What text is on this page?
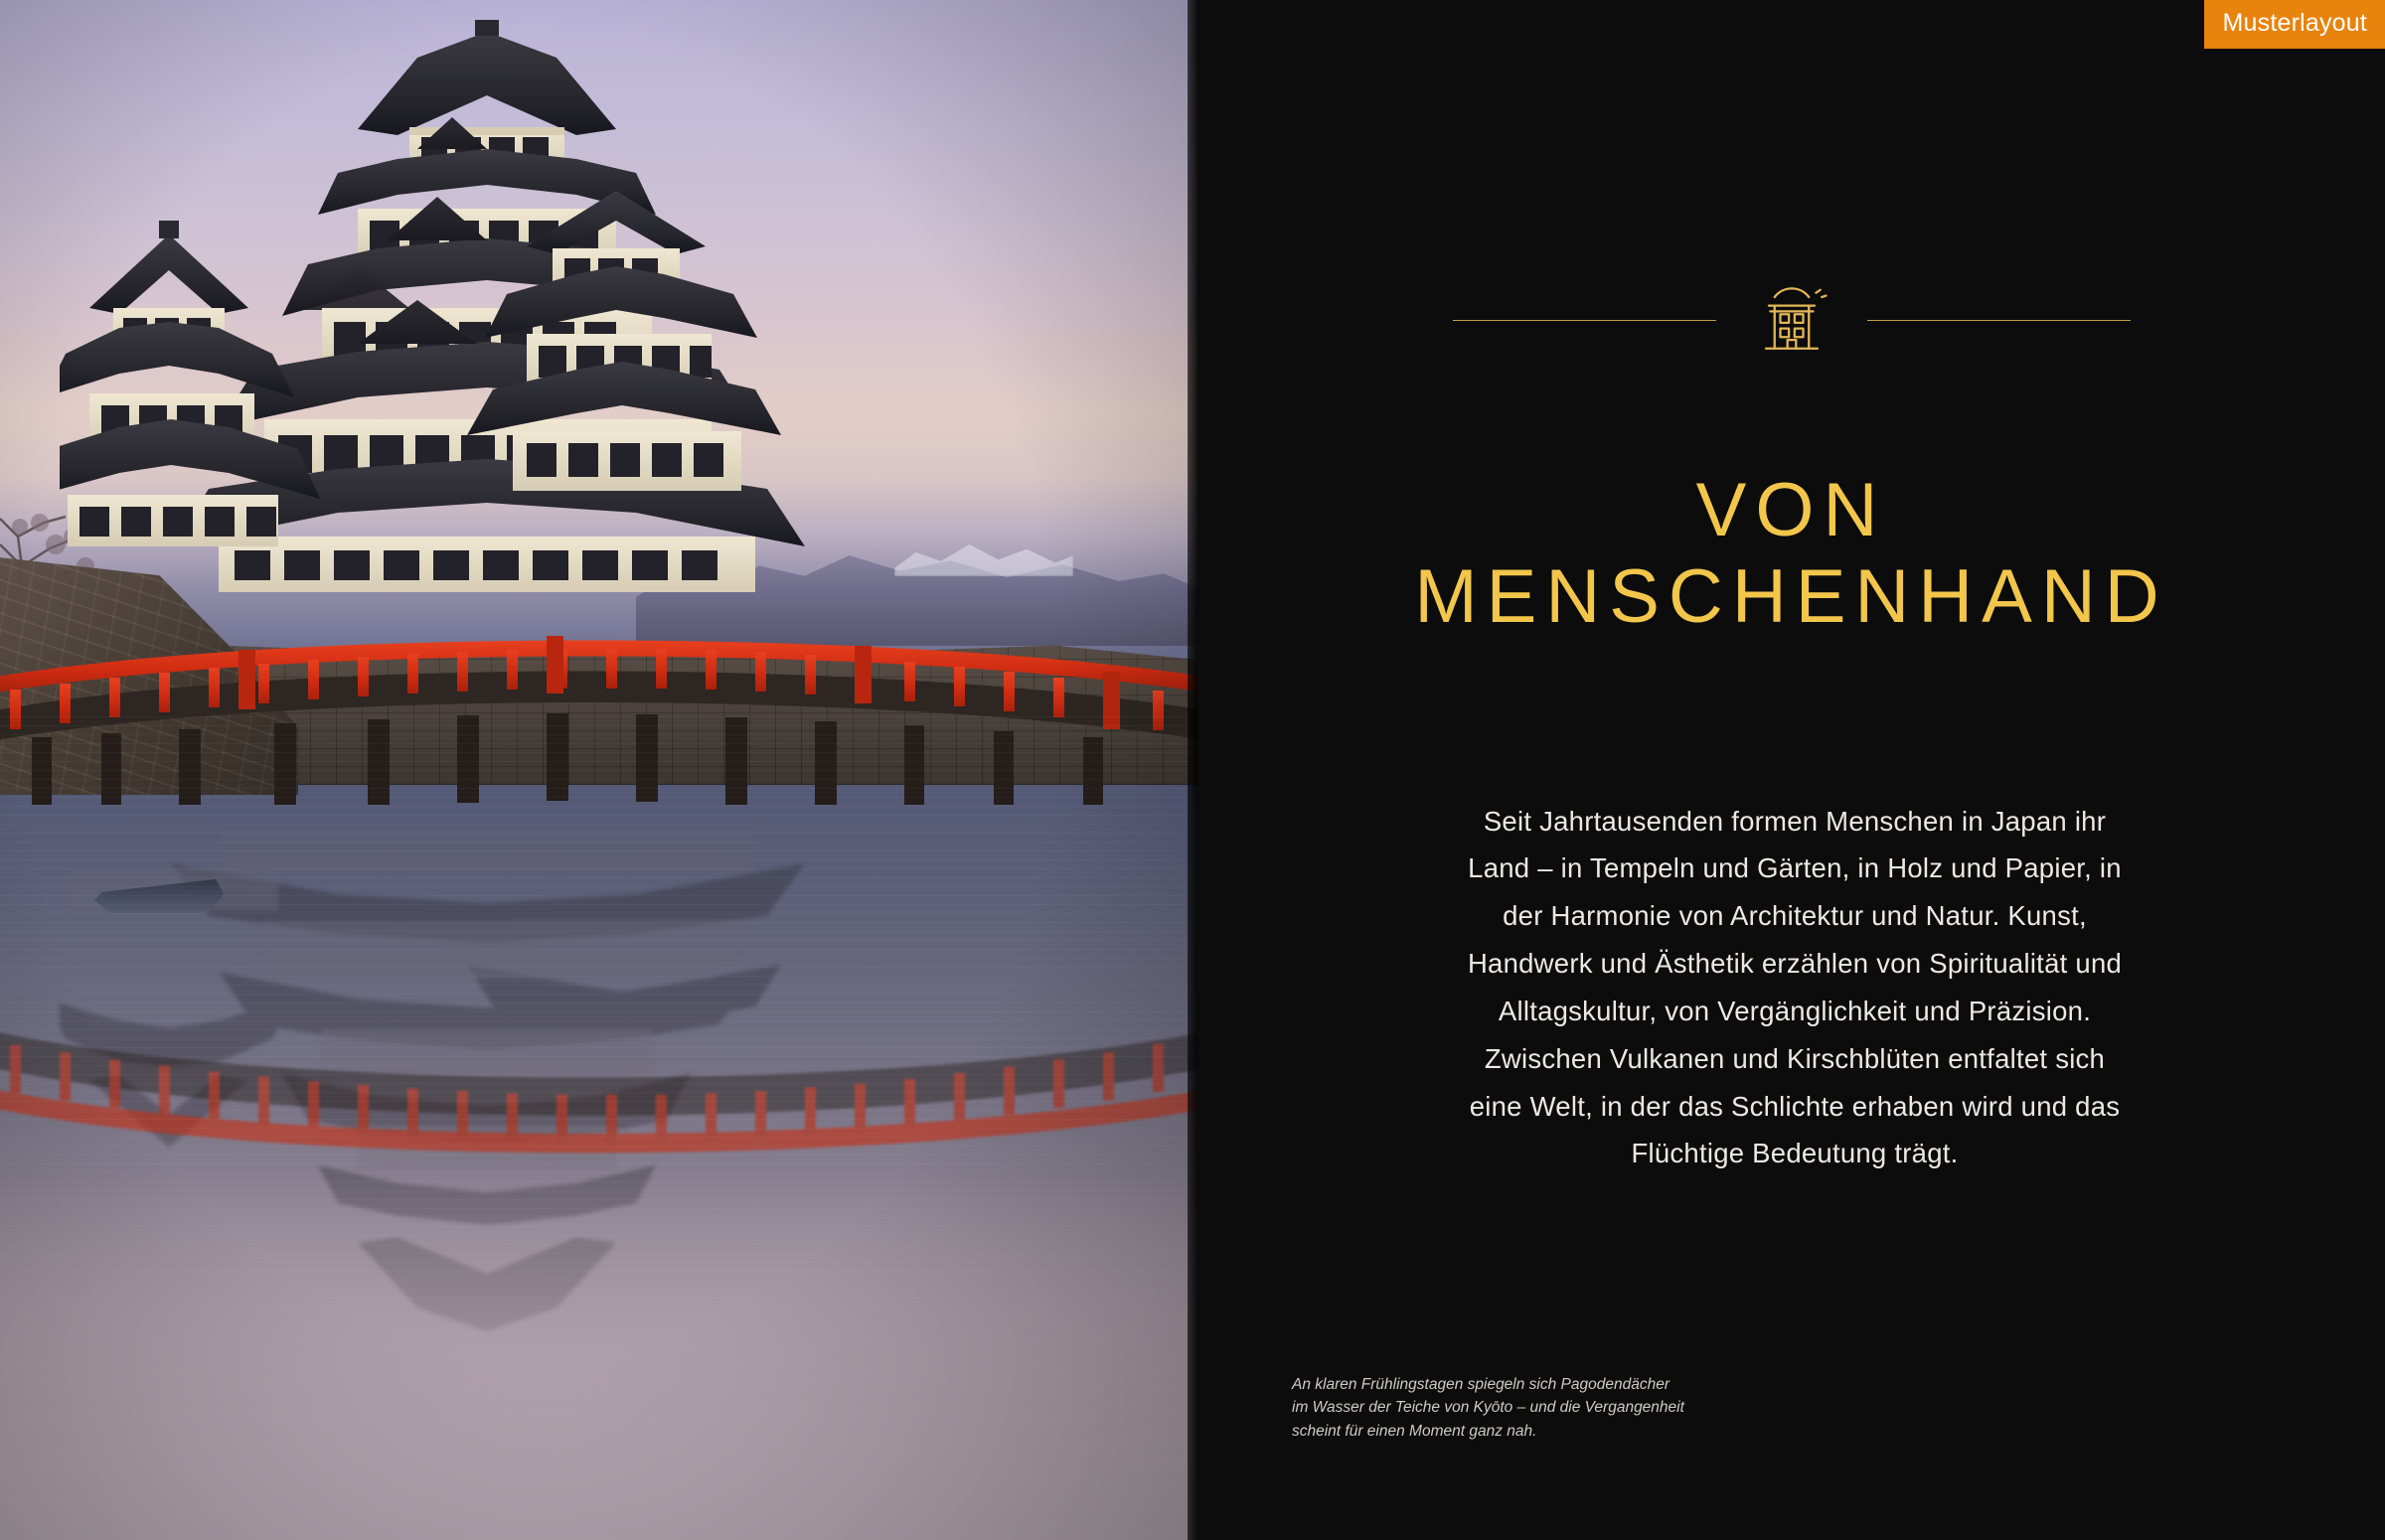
Musterlayout
VON
MENSCHENHAND

Seit Jahrtausenden formen Menschen in Japan ihr Land – in Tempeln und Gärten, in Holz und Papier, in der Harmonie von Architektur und Natur. Kunst, Handwerk und Ästhetik erzählen von Spiritualität und Alltagskultur, von Vergänglichkeit und Präzision. Zwischen Vulkanen und Kirschblüten entfaltet sich eine Welt, in der das Schlichte erhaben wird und das Flüchtige Bedeutung trägt.

An klaren Frühlingstagen spiegeln sich Pagodendächer im Wasser der Teiche von Kyōto – und die Vergangenheit scheint für einen Moment ganz nah.
